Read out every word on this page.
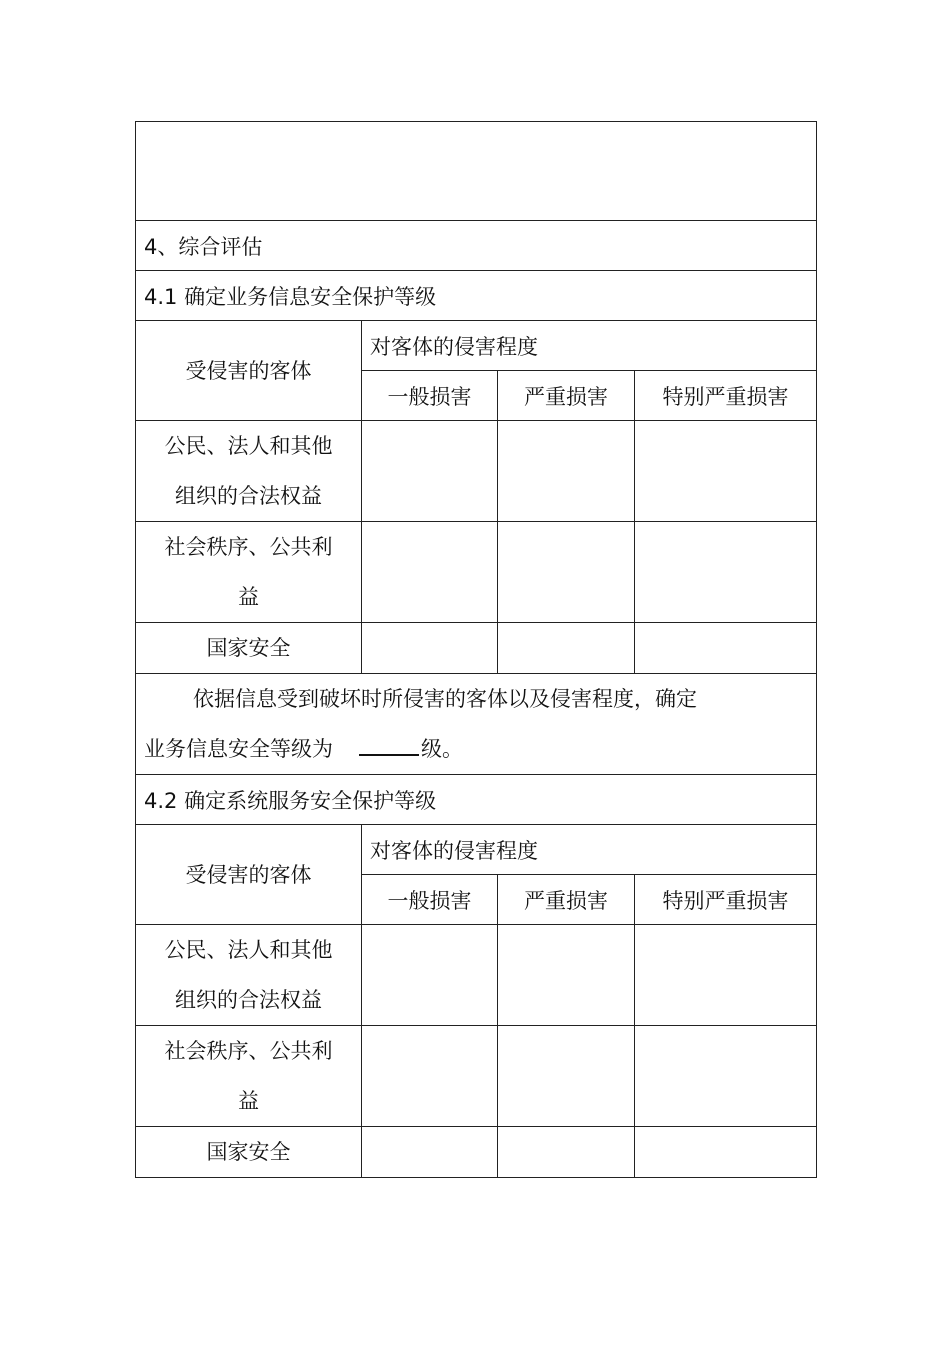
4、综合评估			
4.1 确定业务信息安全保护等级			
受侵害的客体	对客体的侵害程度		
	一般损害	严重损害	特别严重损害

公民、法人和其他
组织的合法权益			

社会秩序、公共利
益			

国家安全			

依据信息受到破坏时所侵害的客体以及侵害程度，确定
业务信息安全等级为 级。			

4.2 确定系统服务安全保护等级			
受侵害的客体	对客体的侵害程度		
	一般损害	严重损害	特别严重损害

公民、法人和其他
组织的合法权益			

社会秩序、公共利
益			

国家安全			
